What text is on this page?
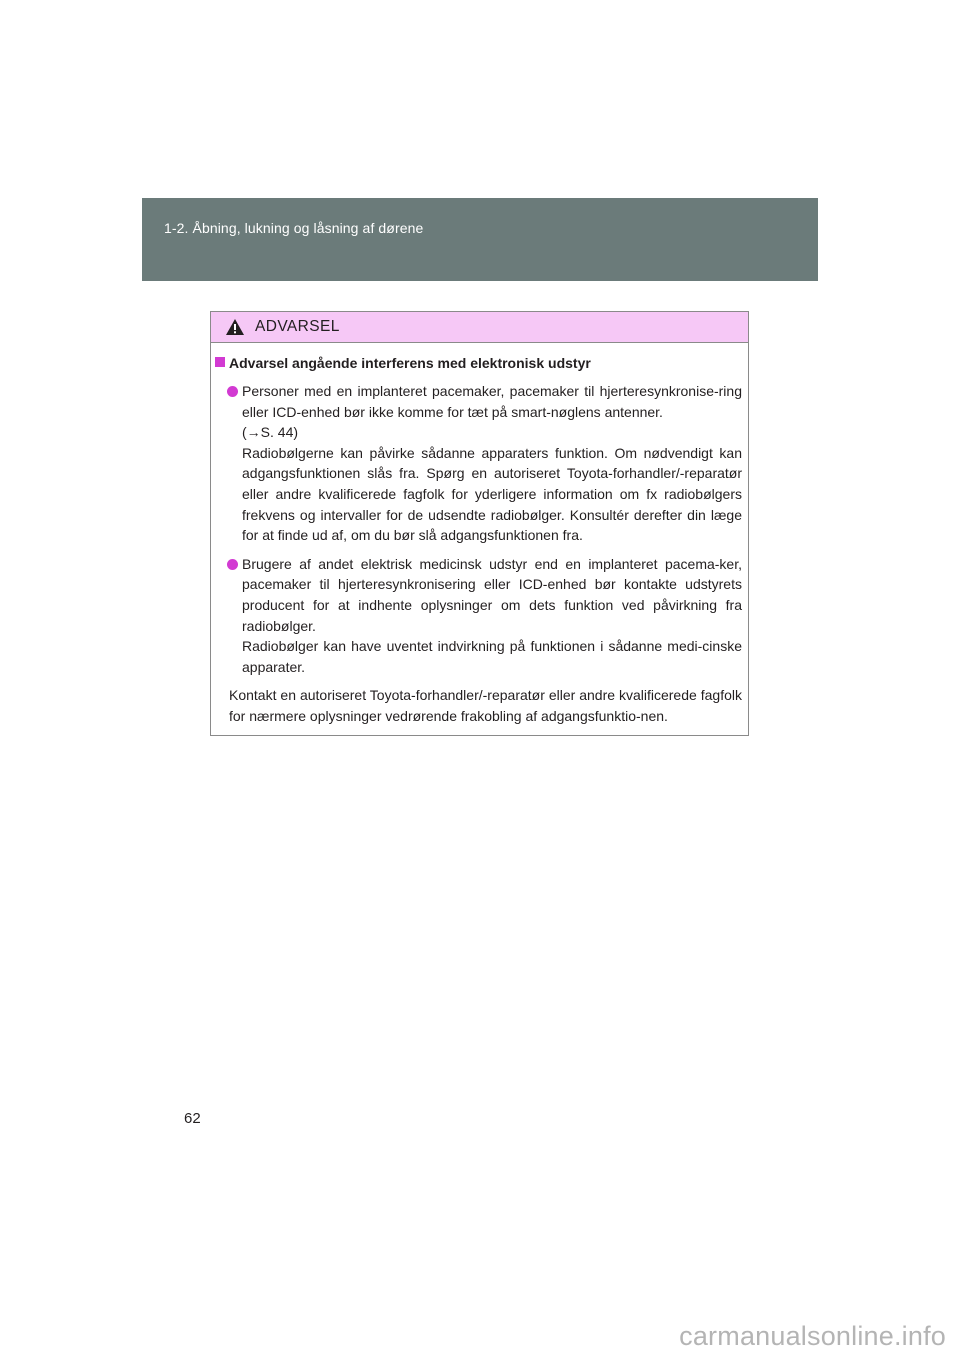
1-2. Åbning, lukning og låsning af dørene
ADVARSEL
Advarsel angående interferens med elektronisk udstyr
Personer med en implanteret pacemaker, pacemaker til hjerteresynkronise-ring eller ICD-enhed bør ikke komme for tæt på smart-nøglens antenner.
(→S. 44)
Radiobølgerne kan påvirke sådanne apparaters funktion. Om nødvendigt kan adgangsfunktionen slås fra. Spørg en autoriseret Toyota-forhandler/-reparatør eller andre kvalificerede fagfolk for yderligere information om fx radiobølgers frekvens og intervaller for de udsendte radiobølger. Konsultér derefter din læge for at finde ud af, om du bør slå adgangsfunktionen fra.
Brugere af andet elektrisk medicinsk udstyr end en implanteret pacema-ker, pacemaker til hjerteresynkronisering eller ICD-enhed bør kontakte udstyrets producent for at indhente oplysninger om dets funktion ved påvirkning fra radiobølger.
Radiobølger kan have uventet indvirkning på funktionen i sådanne medi-cinske apparater.
Kontakt en autoriseret Toyota-forhandler/-reparatør eller andre kvalificerede fagfolk for nærmere oplysninger vedrørende frakobling af adgangsfunktio-nen.
62
carmanualsonline.info
